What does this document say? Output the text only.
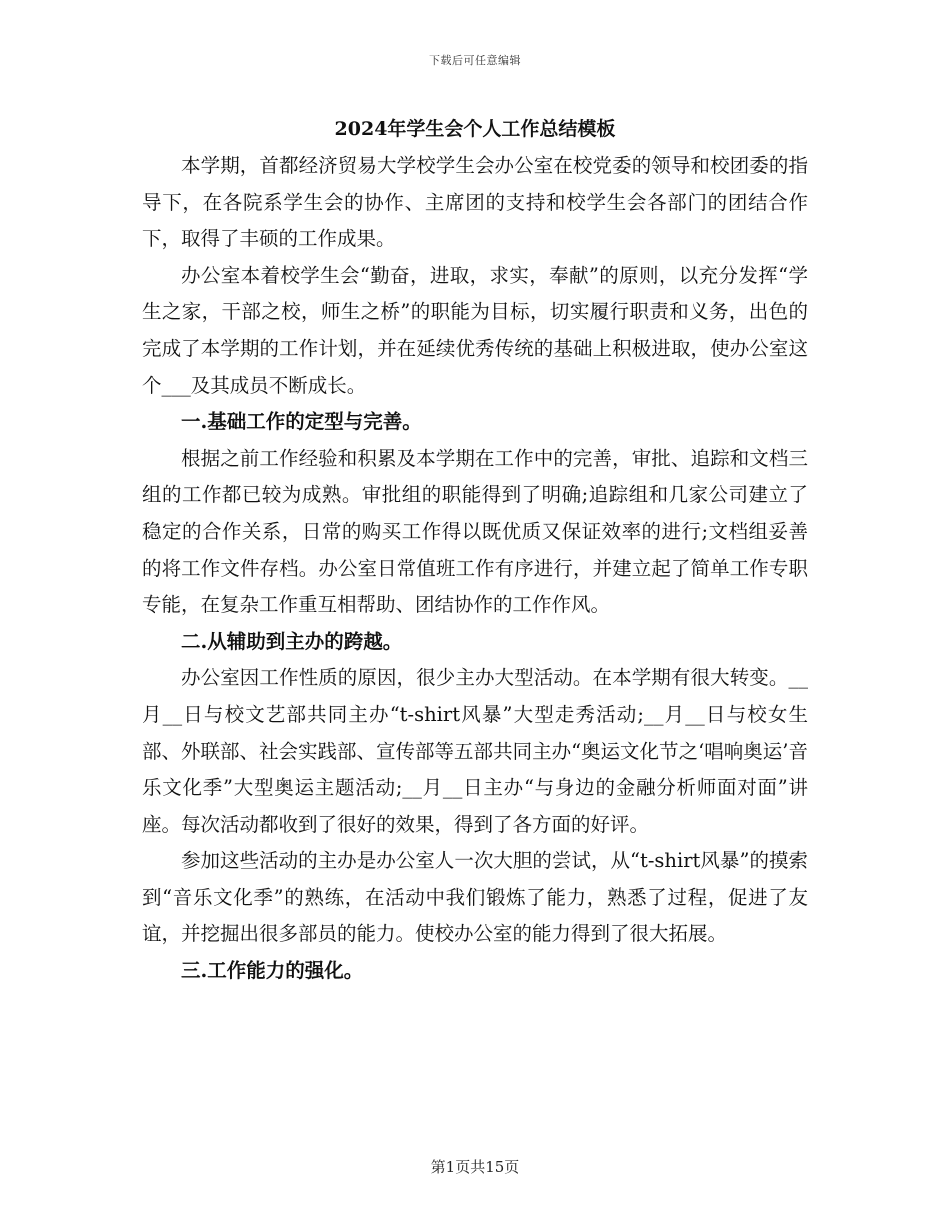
下载后可任意编辑
2024年学生会个人工作总结模板

本学期，首都经济贸易大学校学生会办公室在校党委的领导和校团委的指导下，在各院系学生会的协作、主席团的支持和校学生会各部门的团结合作下，取得了丰硕的工作成果。

办公室本着校学生会“勤奋，进取，求实，奉献”的原则，以充分发挥“学生之家，干部之校，师生之桥”的职能为目标，切实履行职责和义务，出色的完成了本学期的工作计划，并在延续优秀传统的基础上积极进取，使办公室这个___及其成员不断成长。

一.基础工作的定型与完善。

根据之前工作经验和积累及本学期在工作中的完善，审批、追踪和文档三组的工作都已较为成熟。审批组的职能得到了明确;追踪组和几家公司建立了稳定的合作关系，日常的购买工作得以既优质又保证效率的进行;文档组妥善的将工作文件存档。办公室日常值班工作有序进行，并建立起了简单工作专职专能，在复杂工作重互相帮助、团结协作的工作作风。

二.从辅助到主办的跨越。

办公室因工作性质的原因，很少主办大型活动。在本学期有很大转变。__月__日与校文艺部共同主办“t-shirt风暴”大型走秀活动;__月__日与校女生部、外联部、社会实践部、宣传部等五部共同主办“奥运文化节之‘唱响奥运’音乐文化季”大型奥运主题活动;__月__日主办“与身边的金融分析师面对面”讲座。每次活动都收到了很好的效果，得到了各方面的好评。

参加这些活动的主办是办公室人一次大胆的尝试，从“t-shirt风暴”的摸索到“音乐文化季”的熟练，在活动中我们锻炼了能力，熟悉了过程，促进了友谊，并挖掘出很多部员的能力。使校办公室的能力得到了很大拓展。

三.工作能力的强化。
第1页共15页
